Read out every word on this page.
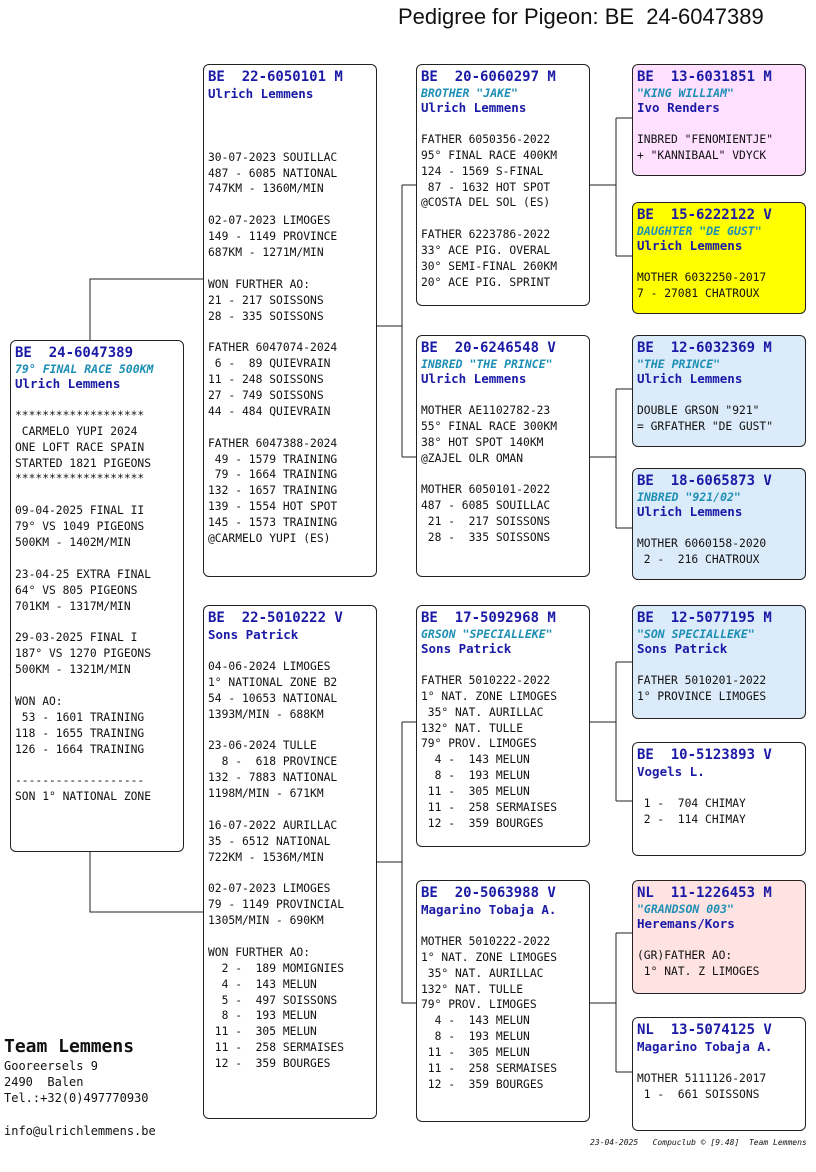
Pedigree for Pigeon: BE  24-6047389
BE  24-6047389
79° FINAL RACE 500KM
Ulrich Lemmens
*******************
CARMELO YUPI 2024
ONE LOFT RACE SPAIN
STARTED 1821 PIGEONS
*******************
09-04-2025 FINAL II
79° VS 1049 PIGEONS
500KM - 1402M/MIN
23-04-25 EXTRA FINAL
64° VS 805 PIGEONS
701KM - 1317M/MIN
29-03-2025 FINAL I
187° VS 1270 PIGEONS
500KM - 1321M/MIN
WON AO:
53 - 1601 TRAINING
118 - 1655 TRAINING
126 - 1664 TRAINING
-------------------
SON 1° NATIONAL ZONE
BE  22-6050101 M
Ulrich Lemmens
30-07-2023 SOUILLAC
487 - 6085 NATIONAL
747KM - 1360M/MIN
02-07-2023 LIMOGES
149 - 1149 PROVINCE
687KM - 1271M/MIN
WON FURTHER AO:
21 - 217 SOISSONS
28 - 335 SOISSONS
FATHER 6047074-2024
6 -  89 QUIEVRAIN
11 - 248 SOISSONS
27 - 749 SOISSONS
44 - 484 QUIEVRAIN
FATHER 6047388-2024
49 - 1579 TRAINING
79 - 1664 TRAINING
132 - 1657 TRAINING
139 - 1554 HOT SPOT
145 - 1573 TRAINING
@CARMELO YUPI (ES)
BE  22-5010222 V
Sons Patrick
04-06-2024 LIMOGES
1° NATIONAL ZONE B2
54 - 10653 NATIONAL
1393M/MIN - 688KM
23-06-2024 TULLE
8 -  618 PROVINCE
132 - 7883 NATIONAL
1198M/MIN - 671KM
16-07-2022 AURILLAC
35 - 6512 NATIONAL
722KM - 1536M/MIN
02-07-2023 LIMOGES
79 - 1149 PROVINCIAL
1305M/MIN - 690KM
WON FURTHER AO:
2 -  189 MOMIGNIES
4 -  143 MELUN
5 -  497 SOISSONS
8 -  193 MELUN
11 -  305 MELUN
11 -  258 SERMAISES
12 -  359 BOURGES
BE  20-6060297 M
BROTHER "JAKE"
Ulrich Lemmens
FATHER 6050356-2022
95° FINAL RACE 400KM
124 - 1569 S-FINAL
87 - 1632 HOT SPOT
@COSTA DEL SOL (ES)
FATHER 6223786-2022
33° ACE PIG. OVERAL
30° SEMI-FINAL 260KM
20° ACE PIG. SPRINT
BE  20-6246548 V
INBRED "THE PRINCE"
Ulrich Lemmens
MOTHER AE1102782-23
55° FINAL RACE 300KM
38° HOT SPOT 140KM
@ZAJEL OLR OMAN
MOTHER 6050101-2022
487 - 6085 SOUILLAC
21 -  217 SOISSONS
28 -  335 SOISSONS
BE  17-5092968 M
GRSON "SPECIALLEKE"
Sons Patrick
FATHER 5010222-2022
1° NAT. ZONE LIMOGES
35° NAT. AURILLAC
132° NAT. TULLE
79° PROV. LIMOGES
4 -  143 MELUN
8 -  193 MELUN
11 -  305 MELUN
11 -  258 SERMAISES
12 -  359 BOURGES
BE  20-5063988 V
Magarino Tobaja A.
MOTHER 5010222-2022
1° NAT. ZONE LIMOGES
35° NAT. AURILLAC
132° NAT. TULLE
79° PROV. LIMOGES
4 -  143 MELUN
8 -  193 MELUN
11 -  305 MELUN
11 -  258 SERMAISES
12 -  359 BOURGES
BE  13-6031851 M
"KING WILLIAM"
Ivo Renders
INBRED "FENOMIENTJE"
+ "KANNIBAAL" VDYCK
BE  15-6222122 V
DAUGHTER "DE GUST"
Ulrich Lemmens
MOTHER 6032250-2017
7 - 27081 CHATROUX
BE  12-6032369 M
"THE PRINCE"
Ulrich Lemmens
DOUBLE GRSON "921"
= GRFATHER "DE GUST"
BE  18-6065873 V
INBRED "921/02"
Ulrich Lemmens
MOTHER 6060158-2020
2 -  216 CHATROUX
BE  12-5077195 M
"SON SPECIALLEKE"
Sons Patrick
FATHER 5010201-2022
1° PROVINCE LIMOGES
BE  10-5123893 V
Vogels L.
1 -  704 CHIMAY
2 -  114 CHIMAY
NL  11-1226453 M
"GRANDSON 003"
Heremans/Kors
(GR)FATHER AO:
1° NAT. Z LIMOGES
NL  13-5074125 V
Magarino Tobaja A.
MOTHER 5111126-2017
1 -  661 SOISSONS
Team Lemmens
Gooreersels 9
2490  Balen
Tel.:+32(0)497770930
info@ulrichlemmens.be
23-04-2025   Compuclub © [9.48]  Team Lemmens
